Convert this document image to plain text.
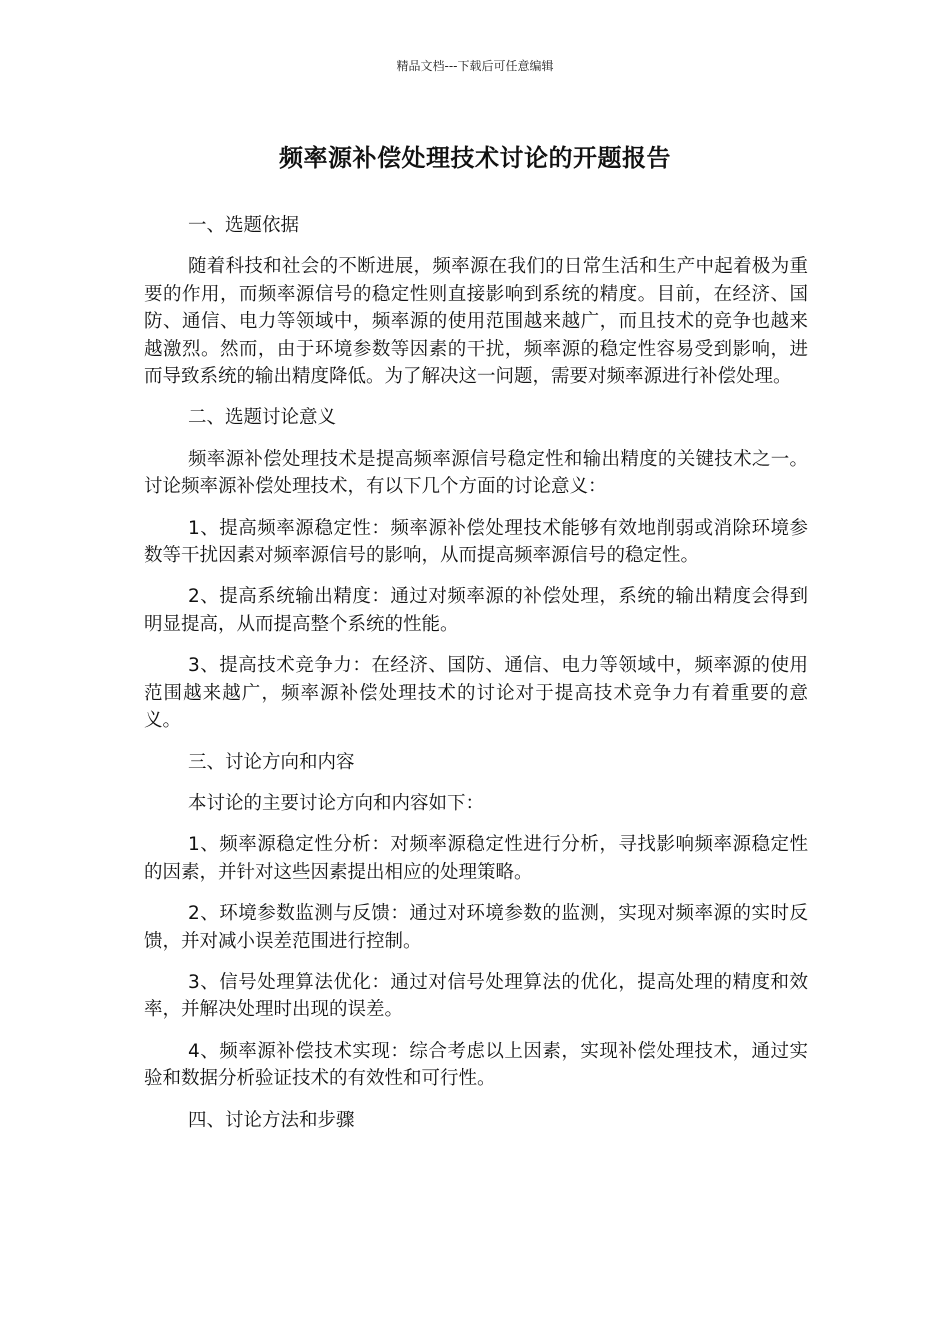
精品文档---下载后可任意编辑
频率源补偿处理技术讨论的开题报告
一、选题依据
随着科技和社会的不断进展，频率源在我们的日常生活和生产中起着极为重要的作用，而频率源信号的稳定性则直接影响到系统的精度。目前，在经济、国防、通信、电力等领域中，频率源的使用范围越来越广，而且技术的竞争也越来越激烈。然而，由于环境参数等因素的干扰，频率源的稳定性容易受到影响，进而导致系统的输出精度降低。为了解决这一问题，需要对频率源进行补偿处理。
二、选题讨论意义
频率源补偿处理技术是提高频率源信号稳定性和输出精度的关键技术之一。讨论频率源补偿处理技术，有以下几个方面的讨论意义：
1、提高频率源稳定性：频率源补偿处理技术能够有效地削弱或消除环境参数等干扰因素对频率源信号的影响，从而提高频率源信号的稳定性。
2、提高系统输出精度：通过对频率源的补偿处理，系统的输出精度会得到明显提高，从而提高整个系统的性能。
3、提高技术竞争力：在经济、国防、通信、电力等领域中，频率源的使用范围越来越广，频率源补偿处理技术的讨论对于提高技术竞争力有着重要的意义。
三、讨论方向和内容
本讨论的主要讨论方向和内容如下：
1、频率源稳定性分析：对频率源稳定性进行分析，寻找影响频率源稳定性的因素，并针对这些因素提出相应的处理策略。
2、环境参数监测与反馈：通过对环境参数的监测，实现对频率源的实时反馈，并对减小误差范围进行控制。
3、信号处理算法优化：通过对信号处理算法的优化，提高处理的精度和效率，并解决处理时出现的误差。
4、频率源补偿技术实现：综合考虑以上因素，实现补偿处理技术，通过实验和数据分析验证技术的有效性和可行性。
四、讨论方法和步骤
